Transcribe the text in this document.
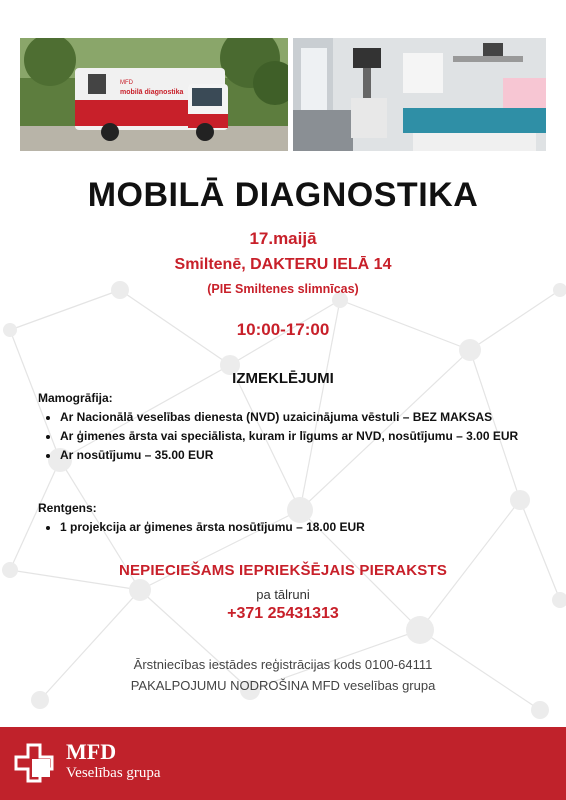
MFD
mobilā diagnostika
MOBILĀ DIAGNOSTIKA
17.maijā
Smiltenē, DAKTERU IELĀ 14
(PIE Smiltenes slimnīcas)
10:00-17:00
IZMEKLĒJUMI
Mamogrāfija:
• Ar Nacionālā veselības dienesta (NVD) uzaicinājuma vēstuli – BEZ MAKSAS
• Ar ģimenes ārsta vai speciālista, kuram ir līgums ar NVD, nosūtījumu – 3.00 EUR
• Ar nosūtījumu – 35.00 EUR
Rentgens:
• 1 projekcija ar ģimenes ārsta nosūtījumu – 18.00 EUR
NEPIECIEŠAMS IEPRIEKŠĒJAIS PIERAKSTS
pa tālruni
+371 25431313
Ārstniecības iestādes reģistrācijas kods 0100-64111
PAKALPOJUMU NODROŠINA MFD veselības grupa
MFD
Veselības grupa
